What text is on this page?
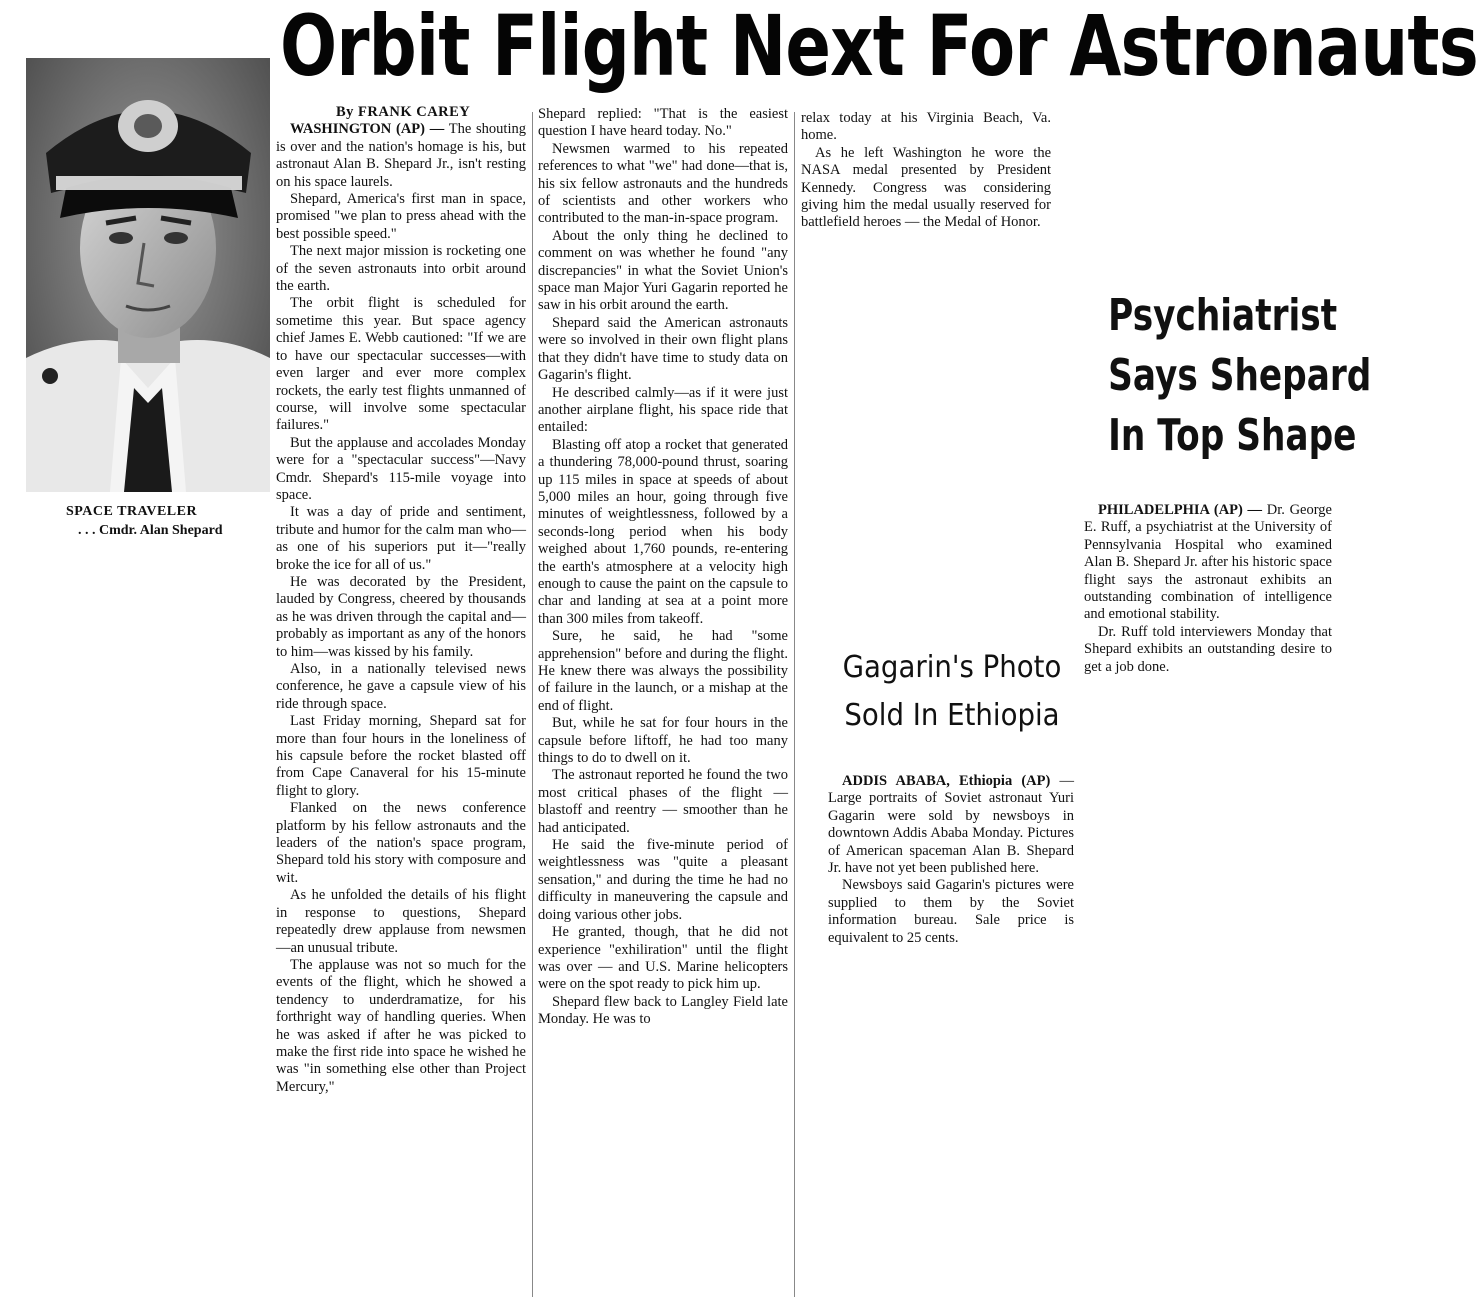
Orbit Flight Next For Astronauts
SPACE TRAVELER
. . . Cmdr. Alan Shepard

By FRANK CAREY

WASHINGTON (AP) — The shouting is over and the nation's homage is his, but astronaut Alan B. Shepard Jr., isn't resting on his space laurels.

Shepard, America's first man in space, promised "we plan to press ahead with the best possible speed."

The next major mission is rocketing one of the seven astronauts into orbit around the earth.

The orbit flight is scheduled for sometime this year. But space agency chief James E. Webb cautioned: "If we are to have our spectacular successes—with even larger and ever more complex rockets, the early test flights unmanned of course, will involve some spectacular failures."

But the applause and accolades Monday were for a "spectacular success"—Navy Cmdr. Shepard's 115-mile voyage into space.

It was a day of pride and sentiment, tribute and humor for the calm man who—as one of his superiors put it—"really broke the ice for all of us."

He was decorated by the President, lauded by Congress, cheered by thousands as he was driven through the capital and—probably as important as any of the honors to him—was kissed by his family.

Also, in a nationally televised news conference, he gave a capsule view of his ride through space.

Last Friday morning, Shepard sat for more than four hours in the loneliness of his capsule before the rocket blasted off from Cape Canaveral for his 15-minute flight to glory.

Flanked on the news conference platform by his fellow astronauts and the leaders of the nation's space program, Shepard told his story with composure and wit.

As he unfolded the details of his flight in response to questions, Shepard repeatedly drew applause from newsmen—an unusual tribute.

The applause was not so much for the events of the flight, which he showed a tendency to underdramatize, for his forthright way of handling queries. When he was asked if after he was picked to make the first ride into space he wished he was "in something else other than Project Mercury,"

Shepard replied: "That is the easiest question I have heard today. No."

Newsmen warmed to his repeated references to what "we" had done—that is, his six fellow astronauts and the hundreds of scientists and other workers who contributed to the man-in-space program.

About the only thing he declined to comment on was whether he found "any discrepancies" in what the Soviet Union's space man Major Yuri Gagarin reported he saw in his orbit around the earth.

Shepard said the American astronauts were so involved in their own flight plans that they didn't have time to study data on Gagarin's flight.

He described calmly—as if it were just another airplane flight, his space ride that entailed:

Blasting off atop a rocket that generated a thundering 78,000-pound thrust, soaring up 115 miles in space at speeds of about 5,000 miles an hour, going through five minutes of weightlessness, followed by a seconds-long period when his body weighed about 1,760 pounds, re-entering the earth's atmosphere at a velocity high enough to cause the paint on the capsule to char and landing at sea at a point more than 300 miles from takeoff.

Sure, he said, he had "some apprehension" before and during the flight. He knew there was always the possibility of failure in the launch, or a mishap at the end of flight.

But, while he sat for four hours in the capsule before liftoff, he had too many things to do to dwell on it.

The astronaut reported he found the two most critical phases of the flight — blastoff and reentry — smoother than he had anticipated.

He said the five-minute period of weightlessness was "quite a pleasant sensation," and during the time he had no difficulty in maneuvering the capsule and doing various other jobs.

He granted, though, that he did not experience "exhiliration" until the flight was over — and U.S. Marine helicopters were on the spot ready to pick him up.

Shepard flew back to Langley Field late Monday. He was to

relax today at his Virginia Beach, Va. home.

As he left Washington he wore the NASA medal presented by President Kennedy. Congress was considering giving him the medal usually reserved for battlefield heroes — the Medal of Honor.

Psychiatrist
Says Shepard
In Top Shape

PHILADELPHIA (AP) — Dr. George E. Ruff, a psychiatrist at the University of Pennsylvania Hospital who examined Alan B. Shepard Jr. after his historic space flight says the astronaut exhibits an outstanding combination of intelligence and emotional stability.

Dr. Ruff told interviewers Monday that Shepard exhibits an outstanding desire to get a job done.

Gagarin's Photo
Sold In Ethiopia

ADDIS ABABA, Ethiopia (AP) —Large portraits of Soviet astronaut Yuri Gagarin were sold by newsboys in downtown Addis Ababa Monday. Pictures of American spaceman Alan B. Shepard Jr. have not yet been published here.

Newsboys said Gagarin's pictures were supplied to them by the Soviet information bureau. Sale price is equivalent to 25 cents.
